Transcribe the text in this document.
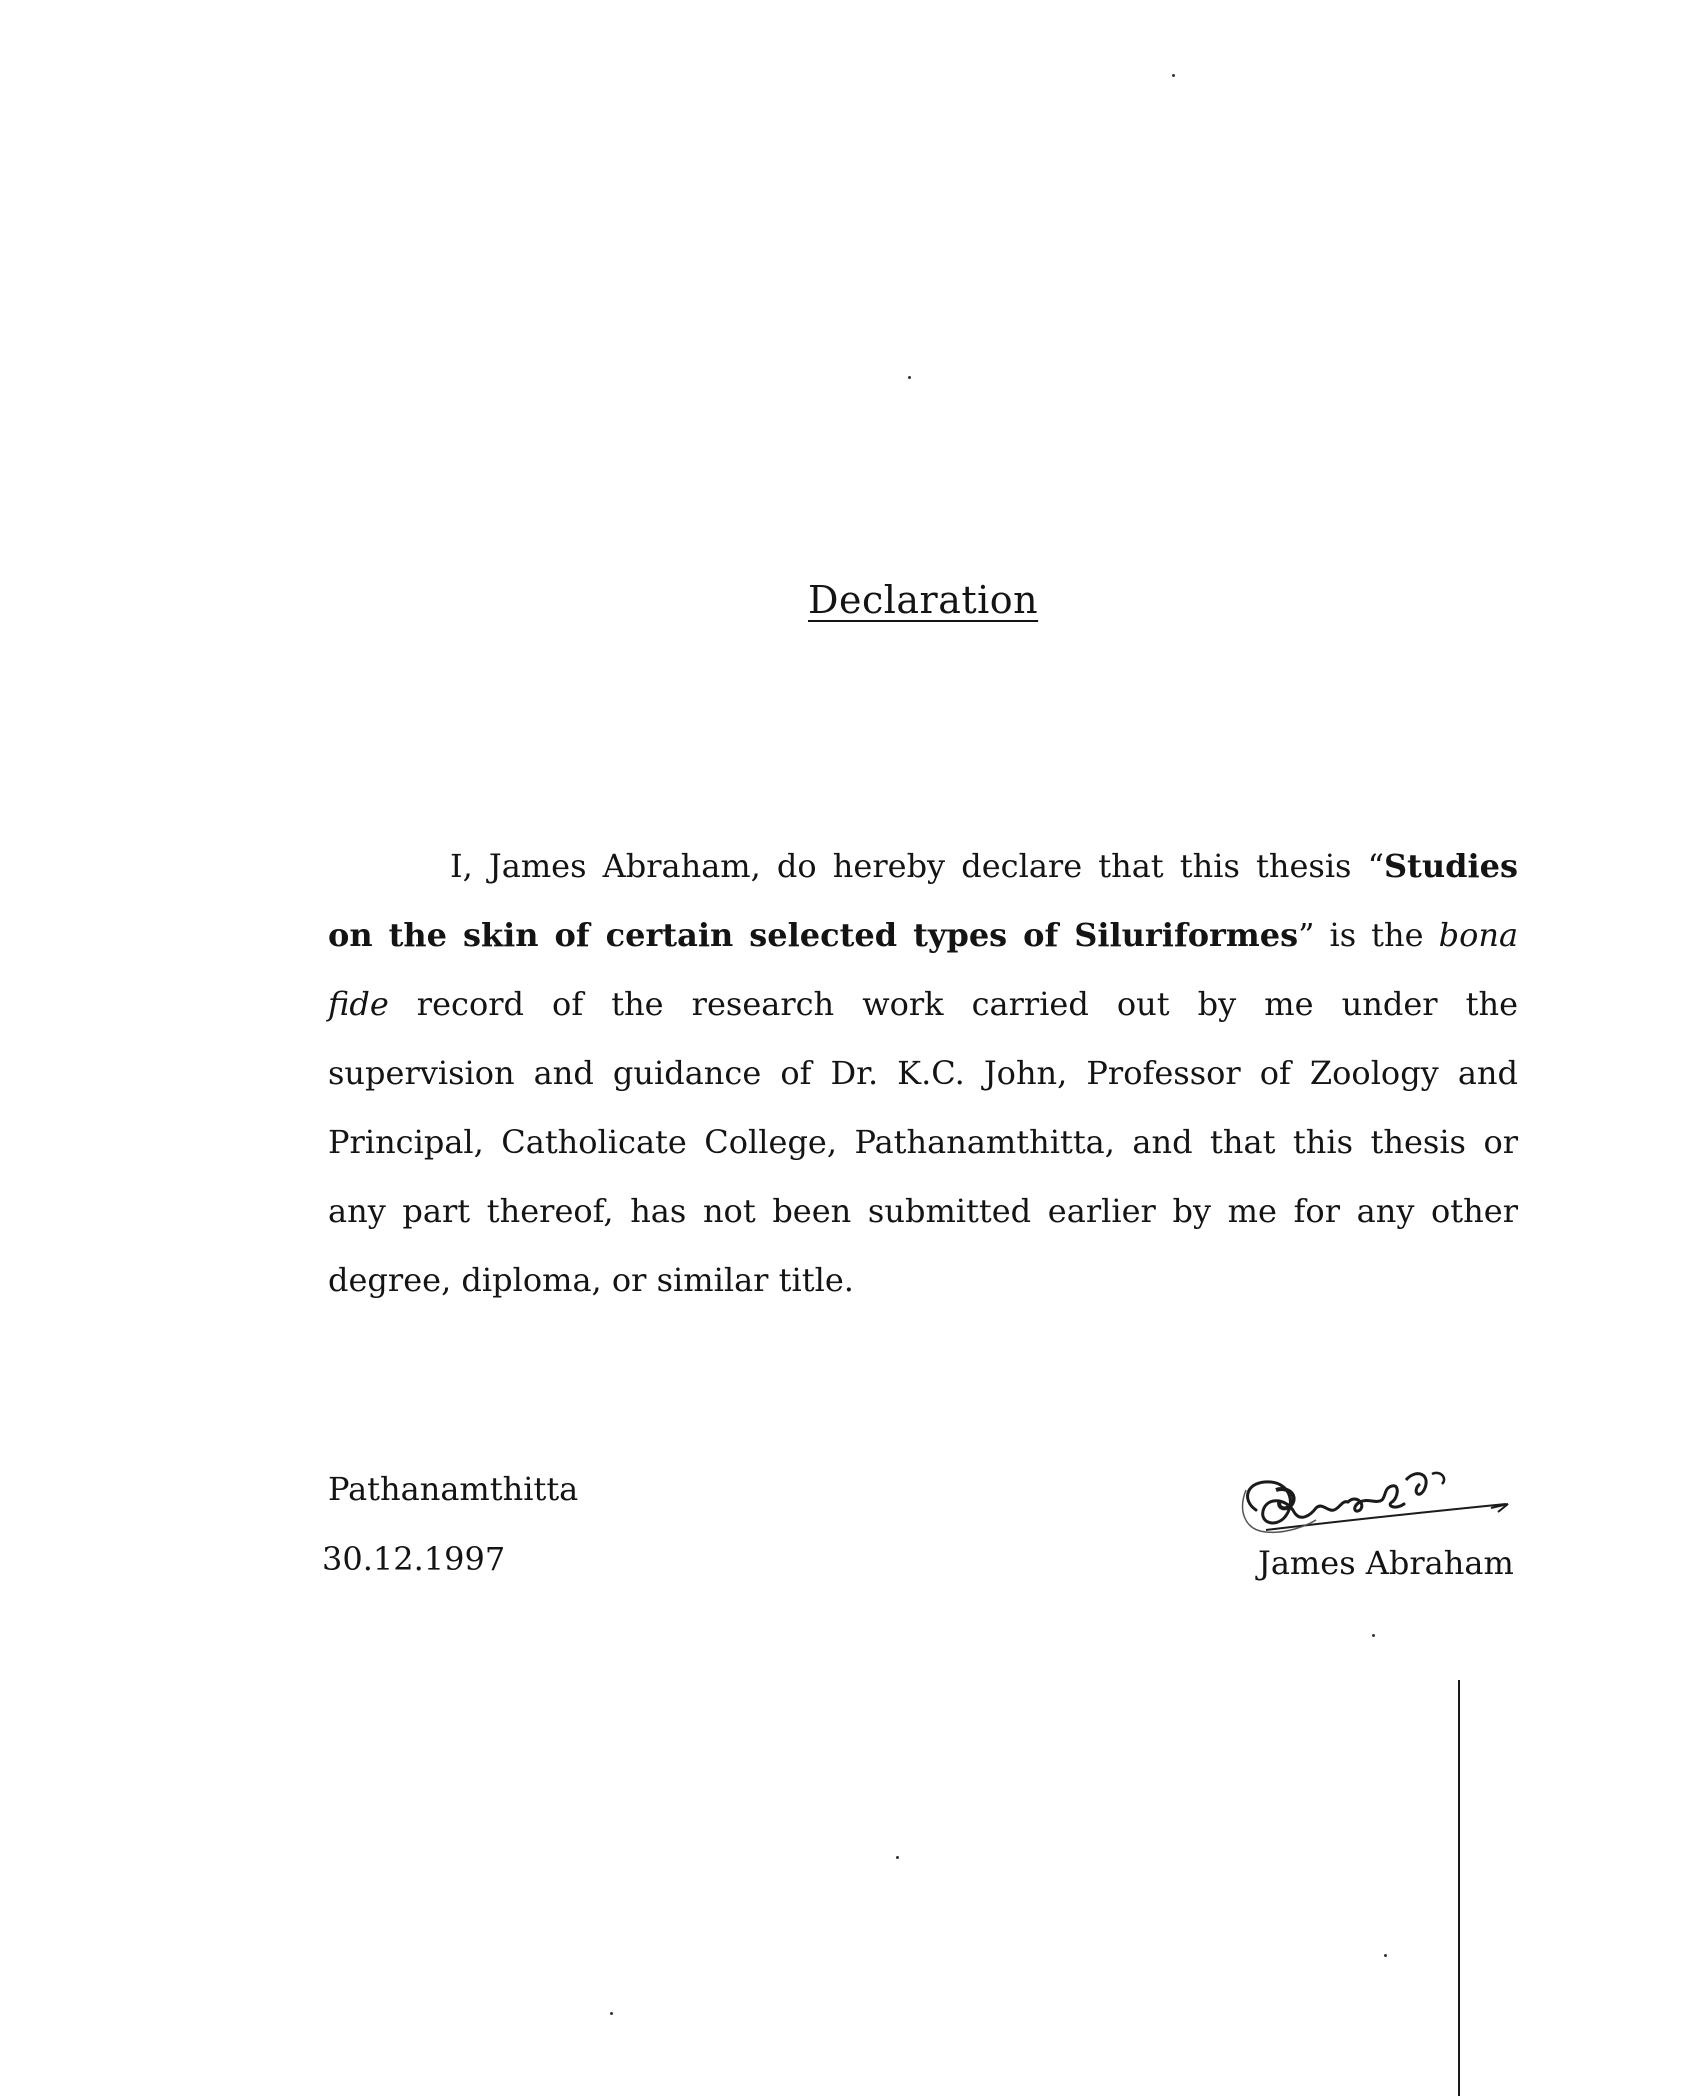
Declaration

I, James Abraham, do hereby declare that this thesis “Studies on the skin of certain selected types of Siluriformes” is the bona fide record of the research work carried out by me under the supervision and guidance of Dr. K.C. John, Professor of Zoology and Principal, Catholicate College, Pathanamthitta, and that this thesis or any part thereof, has not been submitted earlier by me for any other degree, diploma, or similar title.

Pathanamthitta

30.12.1997	James Abraham
